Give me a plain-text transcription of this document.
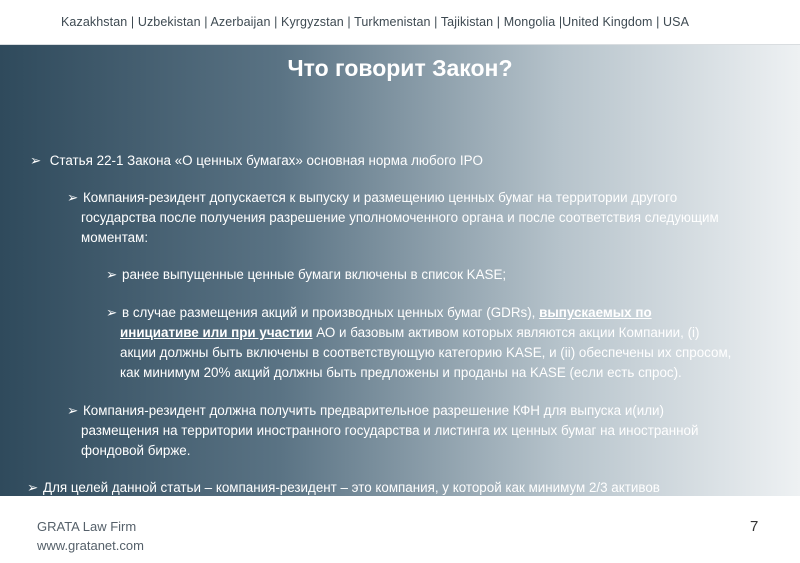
Kazakhstan | Uzbekistan | Azerbaijan | Kyrgyzstan | Turkmenistan | Tajikistan | Mongolia |United Kingdom | USA
Что говорит Закон?
➢ Статья 22-1 Закона «О ценных бумагах» основная норма любого IPO
➢ Компания-резидент допускается к выпуску и размещению ценных бумаг на территории другого
государства после получения разрешение уполномоченного органа и после соответствия следующим
моментам:
➢ ранее выпущенные ценные бумаги включены в список KASE;
➢ в случае размещения акций и производных ценных бумаг (GDRs), выпускаемых по
инициативе или при участии АО и базовым активом которых являются акции Компании, (i)
акции должны быть включены в соответствующую категорию KASE, и (ii) обеспечены их спросом,
как минимум 20% акций должны быть предложены и проданы на KASE (если есть спрос).
➢ Компания-резидент должна получить предварительное разрешение КФН для выпуска и(или)
размещения на территории иностранного государства и листинга их ценных бумаг на иностранной
фондовой бирже.
➢ Для целей данной статьи – компания-резидент – это компания, у которой как минимум 2/3 активов
GRATA Law Firm
www.gratanet.com
7
